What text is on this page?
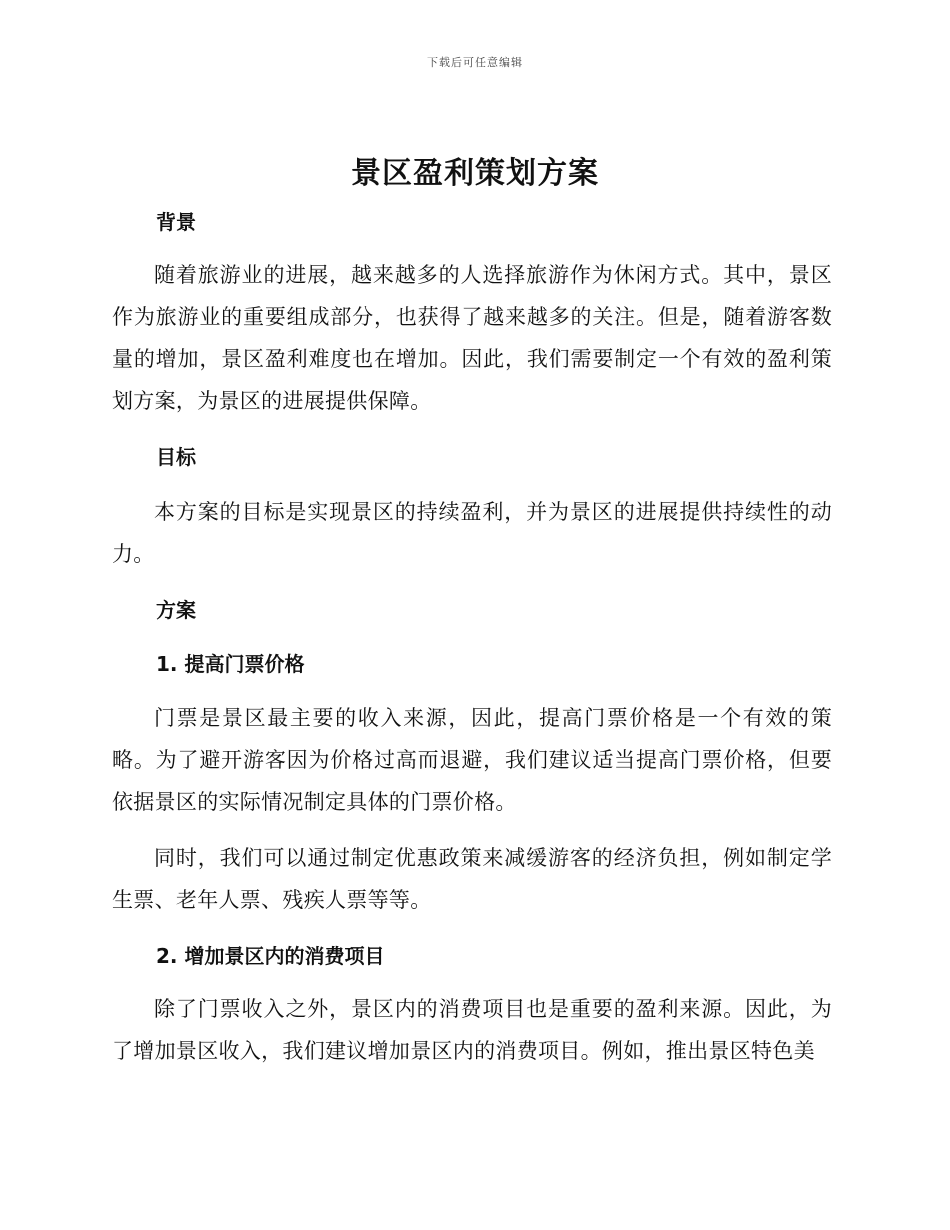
下载后可任意编辑
景区盈利策划方案
背景

随着旅游业的进展，越来越多的人选择旅游作为休闲方式。其中，景区作为旅游业的重要组成部分，也获得了越来越多的关注。但是，随着游客数量的增加，景区盈利难度也在增加。因此，我们需要制定一个有效的盈利策划方案，为景区的进展提供保障。

目标

本方案的目标是实现景区的持续盈利，并为景区的进展提供持续性的动力。

方案
1. 提高门票价格

门票是景区最主要的收入来源，因此，提高门票价格是一个有效的策略。为了避开游客因为价格过高而退避，我们建议适当提高门票价格，但要依据景区的实际情况制定具体的门票价格。

同时，我们可以通过制定优惠政策来减缓游客的经济负担，例如制定学生票、老年人票、残疾人票等等。

2. 增加景区内的消费项目

除了门票收入之外，景区内的消费项目也是重要的盈利来源。因此，为了增加景区收入，我们建议增加景区内的消费项目。例如，推出景区特色美
